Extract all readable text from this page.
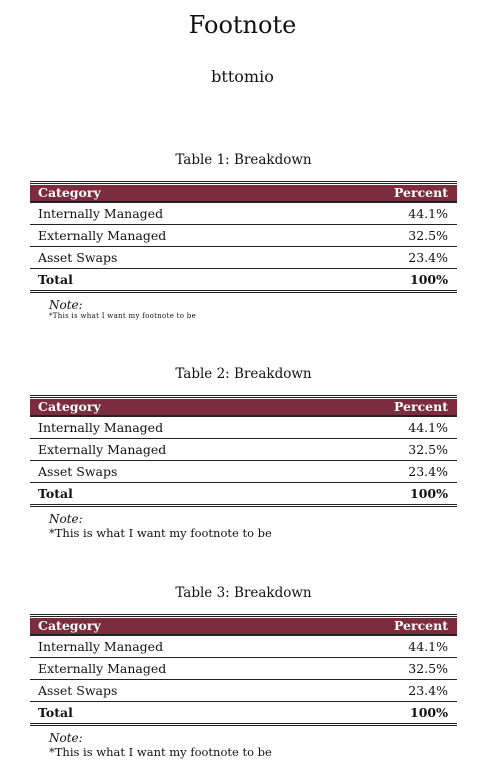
Footnote
bttomio
Table 1: Breakdown
Category	Percent
Internally Managed	44.1%
Externally Managed	32.5%
Asset Swaps	23.4%
Total	100%
Note:
*This is what I want my footnote to be
Table 2: Breakdown
Category	Percent
Internally Managed	44.1%
Externally Managed	32.5%
Asset Swaps	23.4%
Total	100%
Note:
*This is what I want my footnote to be
Table 3: Breakdown
Category	Percent
Internally Managed	44.1%
Externally Managed	32.5%
Asset Swaps	23.4%
Total	100%
Note:
*This is what I want my footnote to be
